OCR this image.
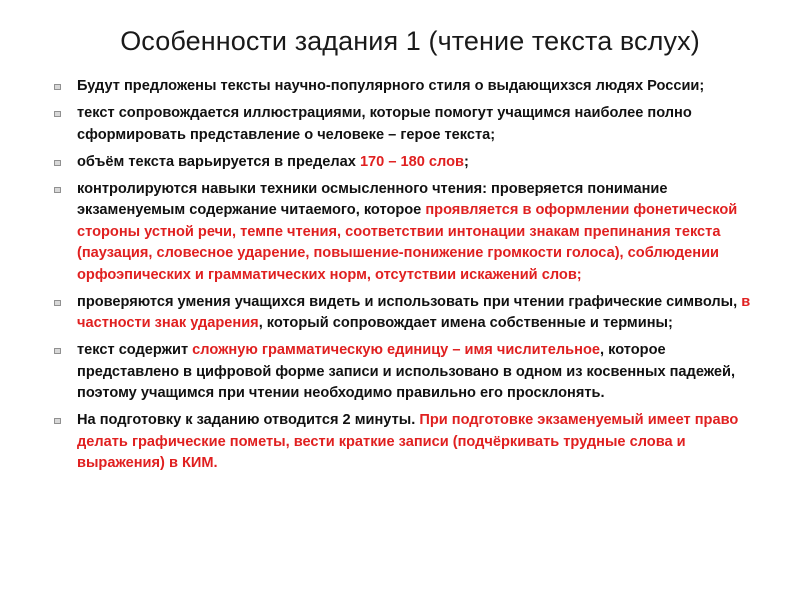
Особенности задания 1 (чтение текста вслух)
Будут предложены тексты научно-популярного стиля о выдающихзся людях России;
текст сопровождается иллюстрациями, которые помогут учащимся наиболее полно сформировать представление о человеке – герое текста;
объём текста варьируется в пределах 170 – 180 слов;
контролируются навыки техники осмысленного чтения: проверяется понимание экзаменуемым содержание читаемого, которое проявляется в оформлении фонетической стороны устной речи, темпе чтения, соответствии интонации знакам препинания текста (паузация, словесное ударение, повышение-понижение громкости голоса), соблюдении орфоэпических и грамматических норм, отсутствии искажений слов;
проверяются умения учащихся видеть и использовать при чтении графические символы, в частности знак ударения, который сопровождает имена собственные и термины;
текст содержит сложную грамматическую единицу – имя числительное, которое представлено в цифровой форме записи и использовано в одном из косвенных падежей, поэтому учащимся при чтении необходимо правильно его просклонять.
На подготовку к заданию отводится 2 минуты. При подготовке экзаменуемый имеет право делать графические пометы, вести краткие записи (подчёркивать трудные слова и выражения) в КИМ.
